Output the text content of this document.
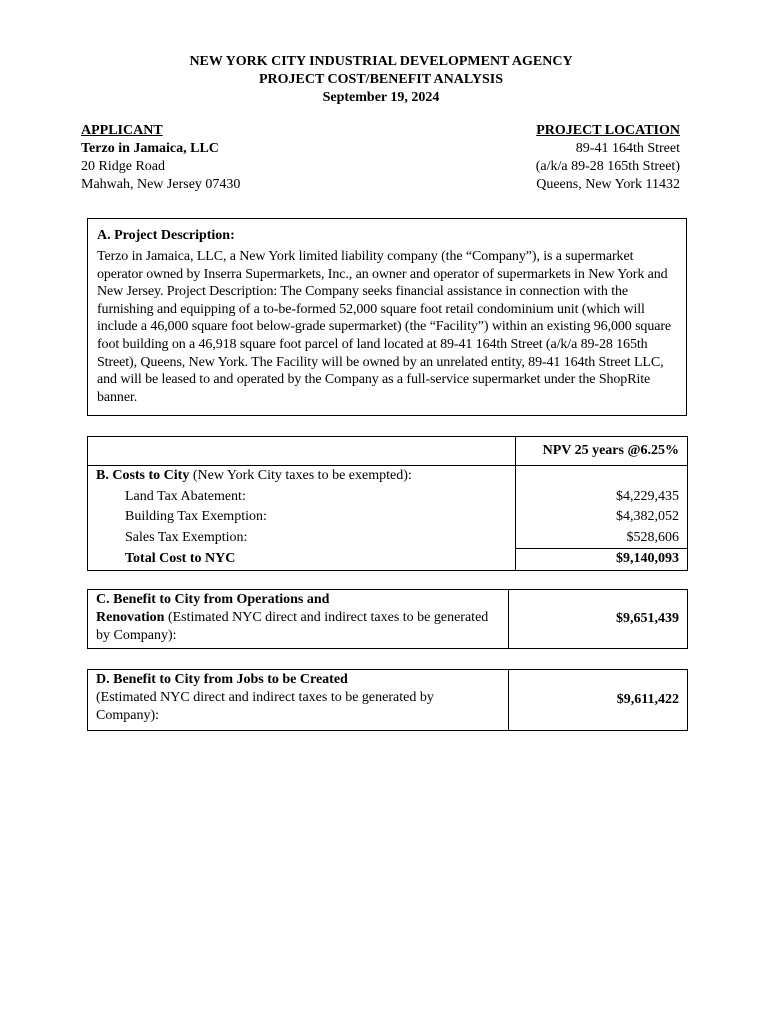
NEW YORK CITY INDUSTRIAL DEVELOPMENT AGENCY
PROJECT COST/BENEFIT ANALYSIS
September 19, 2024
APPLICANT
Terzo in Jamaica, LLC
20 Ridge Road
Mahwah, New Jersey 07430
PROJECT LOCATION
89-41 164th Street
(a/k/a 89-28 165th Street)
Queens, New York 11432
A. Project Description:
Terzo in Jamaica, LLC, a New York limited liability company (the “Company”), is a supermarket operator owned by Inserra Supermarkets, Inc., an owner and operator of supermarkets in New York and New Jersey. Project Description: The Company seeks financial assistance in connection with the furnishing and equipping of a to-be-formed 52,000 square foot retail condominium unit (which will include a 46,000 square foot below-grade supermarket) (the “Facility”) within an existing 96,000 square foot building on a 46,918 square foot parcel of land located at 89-41 164th Street (a/k/a 89-28 165th Street), Queens, New York. The Facility will be owned by an unrelated entity, 89-41 164th Street LLC, and will be leased to and operated by the Company as a full-service supermarket under the ShopRite banner.
	NPV 25 years @6.25%
B. Costs to City (New York City taxes to be exempted):	
Land Tax Abatement:	$4,229,435
Building Tax Exemption:	$4,382,052
Sales Tax Exemption:	$528,606
Total Cost to NYC	$9,140,093
C. Benefit to City from Operations and
Renovation (Estimated NYC direct and indirect taxes to be generated by Company):	$9,651,439
D. Benefit to City from Jobs to be Created
(Estimated NYC direct and indirect taxes to be generated by Company):	$9,611,422
